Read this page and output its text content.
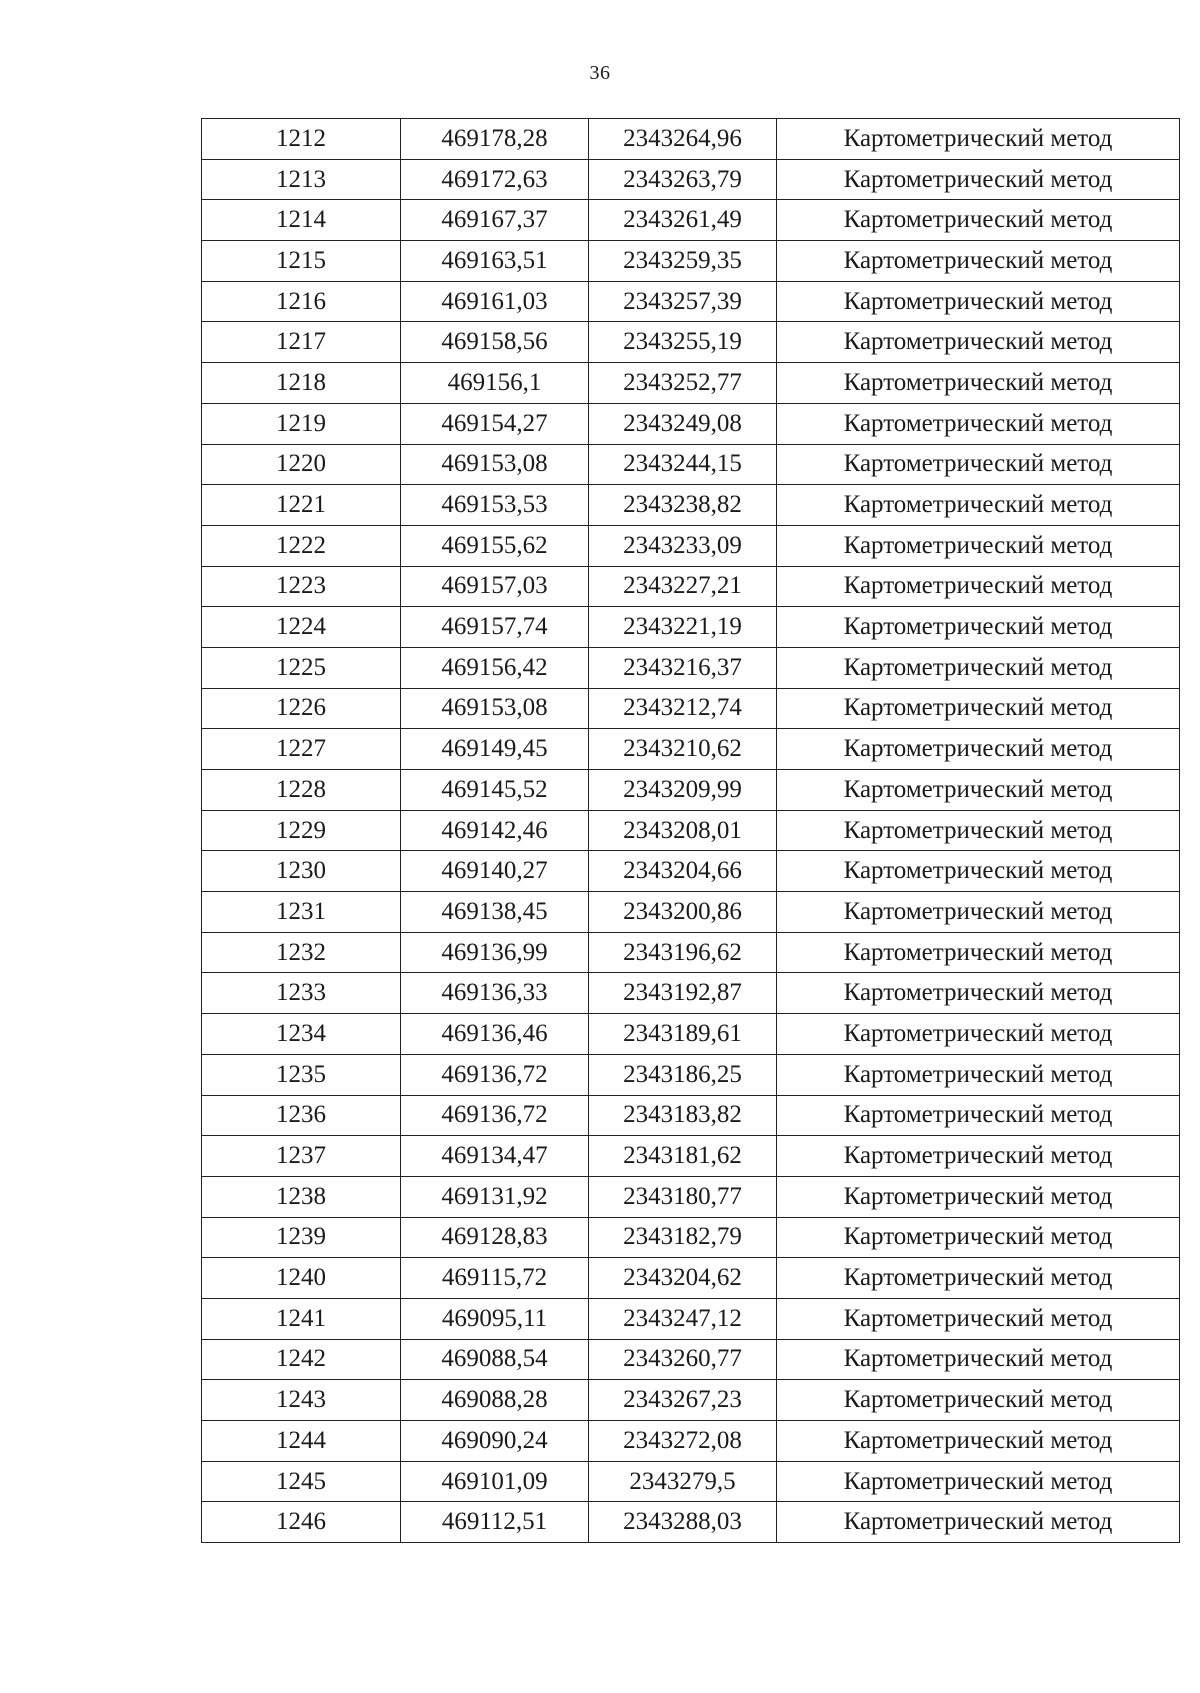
36
1212	469178,28	2343264,96	Картометрический метод
1213	469172,63	2343263,79	Картометрический метод
1214	469167,37	2343261,49	Картометрический метод
1215	469163,51	2343259,35	Картометрический метод
1216	469161,03	2343257,39	Картометрический метод
1217	469158,56	2343255,19	Картометрический метод
1218	469156,1	2343252,77	Картометрический метод
1219	469154,27	2343249,08	Картометрический метод
1220	469153,08	2343244,15	Картометрический метод
1221	469153,53	2343238,82	Картометрический метод
1222	469155,62	2343233,09	Картометрический метод
1223	469157,03	2343227,21	Картометрический метод
1224	469157,74	2343221,19	Картометрический метод
1225	469156,42	2343216,37	Картометрический метод
1226	469153,08	2343212,74	Картометрический метод
1227	469149,45	2343210,62	Картометрический метод
1228	469145,52	2343209,99	Картометрический метод
1229	469142,46	2343208,01	Картометрический метод
1230	469140,27	2343204,66	Картометрический метод
1231	469138,45	2343200,86	Картометрический метод
1232	469136,99	2343196,62	Картометрический метод
1233	469136,33	2343192,87	Картометрический метод
1234	469136,46	2343189,61	Картометрический метод
1235	469136,72	2343186,25	Картометрический метод
1236	469136,72	2343183,82	Картометрический метод
1237	469134,47	2343181,62	Картометрический метод
1238	469131,92	2343180,77	Картометрический метод
1239	469128,83	2343182,79	Картометрический метод
1240	469115,72	2343204,62	Картометрический метод
1241	469095,11	2343247,12	Картометрический метод
1242	469088,54	2343260,77	Картометрический метод
1243	469088,28	2343267,23	Картометрический метод
1244	469090,24	2343272,08	Картометрический метод
1245	469101,09	2343279,5	Картометрический метод
1246	469112,51	2343288,03	Картометрический метод
